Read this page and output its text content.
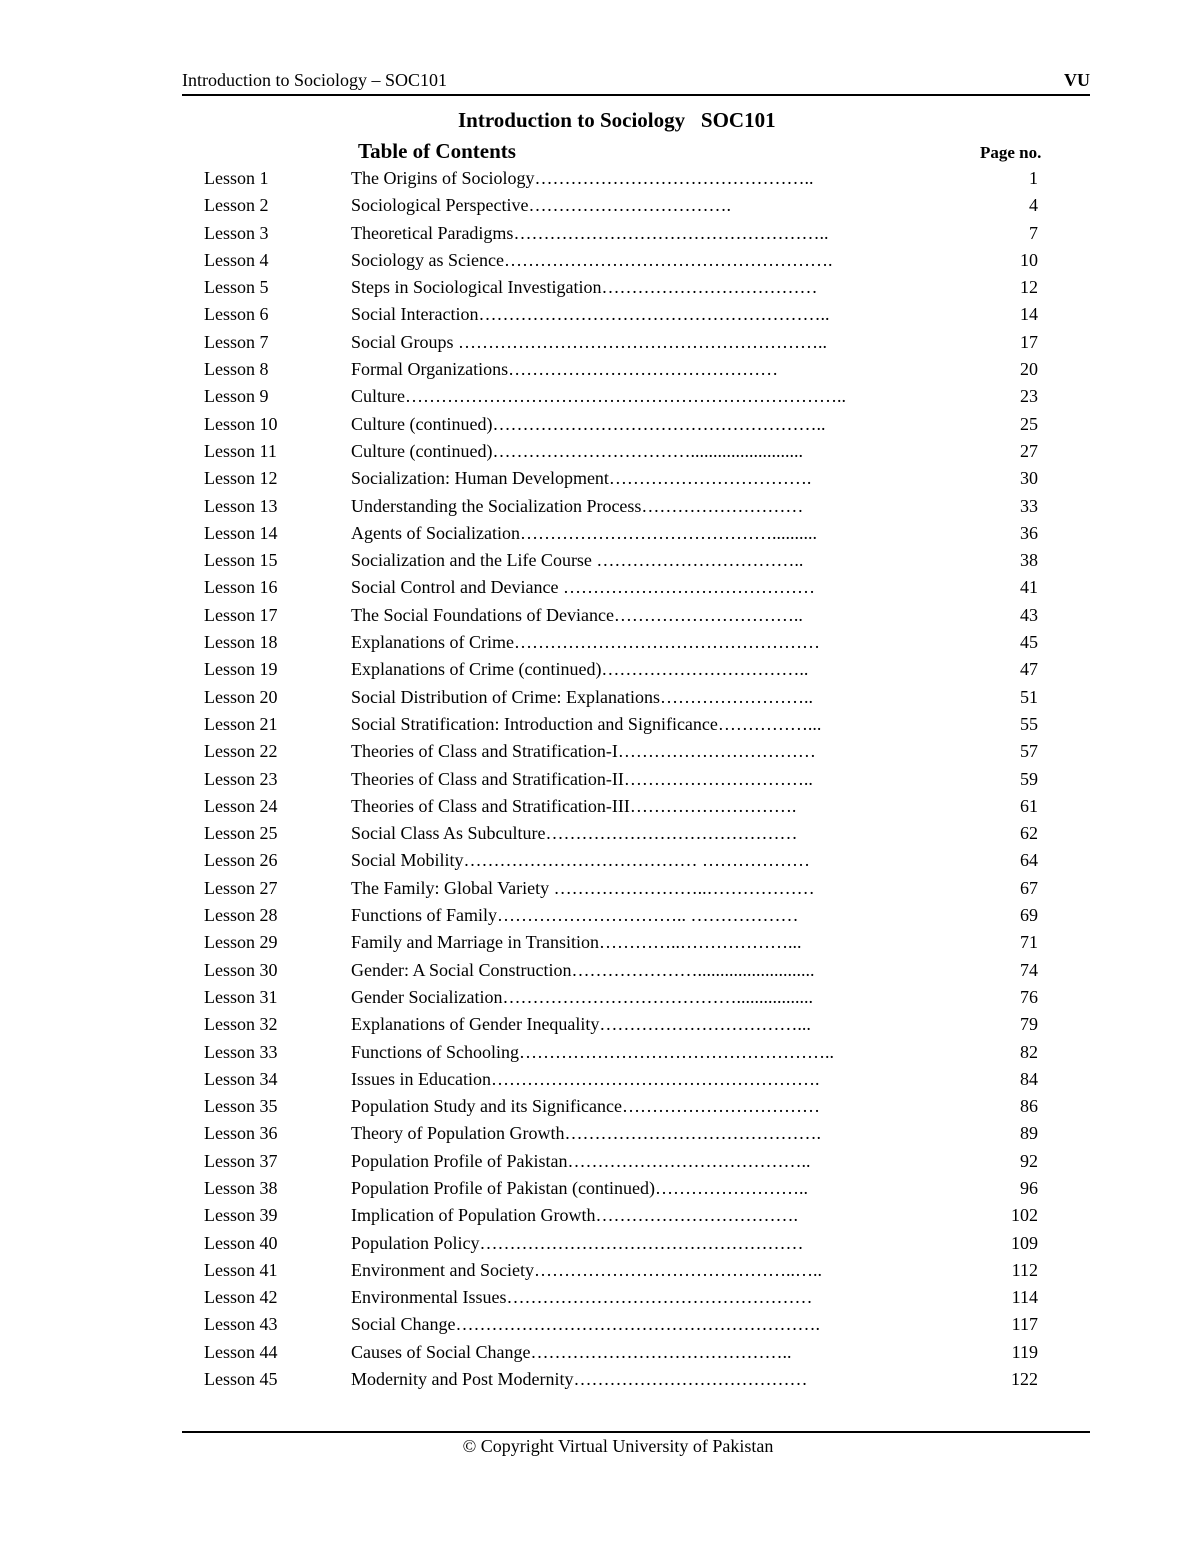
Introduction to Sociology – SOC101	VU
Introduction to Sociology   SOC101
Table of Contents	Page no.
Lesson 1	The Origins of Sociology………………………………………..	1
Lesson 2	Sociological Perspective…………………………….	4
Lesson 3	Theoretical Paradigms……………………………………………..	7
Lesson 4	Sociology as Science……………………………………………….	10
Lesson 5	Steps in Sociological Investigation………………………………	12
Lesson 6	Social Interaction…………………………………………………..	14
Lesson 7	Social Groups ……………………………………………………..	17
Lesson 8	Formal Organizations………………………………………	20
Lesson 9	Culture………………………………………………………………..	23
Lesson 10	Culture (continued)………………………………………………..	25
Lesson 11	Culture (continued)…………………………….........................	27
Lesson 12	Socialization: Human Development…………………………….	30
Lesson 13	Understanding the Socialization Process………………………	33
Lesson 14	Agents of Socialization……………………………………..........	36
Lesson 15	Socialization and the Life Course ……………………………..	38
Lesson 16	Social Control and Deviance ……………………………………	41
Lesson 17	The Social Foundations of Deviance…………………………..	43
Lesson 18	Explanations of Crime……………………………………………	45
Lesson 19	Explanations of Crime (continued)……………………………..	47
Lesson 20	Social Distribution of Crime: Explanations……………………..	51
Lesson 21	Social Stratification: Introduction and Significance……………...	55
Lesson 22	Theories of Class and Stratification-I……………………………	57
Lesson 23	Theories of Class and Stratification-II…………………………..	59
Lesson 24	Theories of Class and Stratification-III……………………….	61
Lesson 25	Social Class As Subculture……………………………………	62
Lesson 26	Social Mobility………………………………… ………………	64
Lesson 27	The Family: Global Variety ……………………..………………	67
Lesson 28	Functions of Family………………………….. ………………	69
Lesson 29	Family and Marriage in Transition…………..………………...	71
Lesson 30	Gender: A Social Construction…………………..........................	74
Lesson 31	Gender Socialization………………………………….................	76
Lesson 32	Explanations of Gender Inequality……………………………...	79
Lesson 33	Functions of Schooling……………………………………………..	82
Lesson 34	Issues in Education……………………………………………….	84
Lesson 35	Population Study and its Significance……………………………	86
Lesson 36	Theory of Population Growth…………………………………….	89
Lesson 37	Population Profile of Pakistan…………………………………..	92
Lesson 38	Population Profile of Pakistan (continued)……………………..	96
Lesson 39	Implication of Population Growth…………………………….	102
Lesson 40	Population Policy………………………………………………	109
Lesson 41	Environment and Society……………………………………..…..	112
Lesson 42	Environmental Issues……………………………………………	114
Lesson 43	Social Change…………………………………………………….	117
Lesson 44	Causes of Social Change……………………………………..	119
Lesson 45	Modernity and Post Modernity…………………………………	122
© Copyright Virtual University of Pakistan
